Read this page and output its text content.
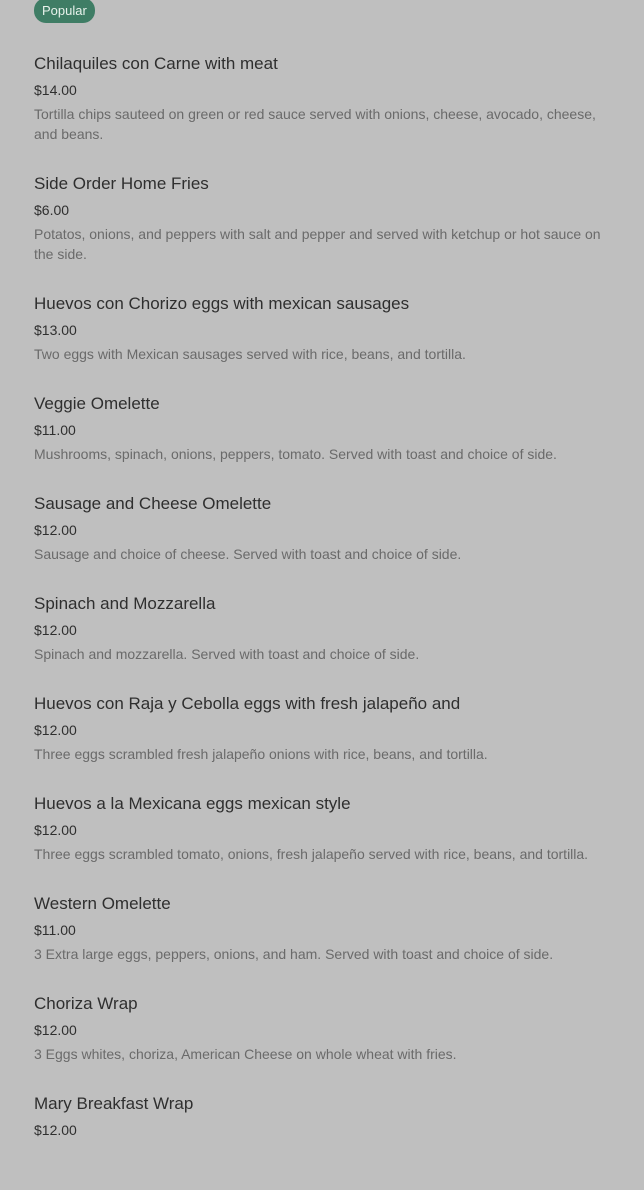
Popular
Chilaquiles con Carne with meat
$14.00
Tortilla chips sauteed on green or red sauce served with onions, cheese, avocado, cheese, and beans.
Side Order Home Fries
$6.00
Potatos, onions, and peppers with salt and pepper and served with ketchup or hot sauce on the side.
Huevos con Chorizo eggs with mexican sausages
$13.00
Two eggs with Mexican sausages served with rice, beans, and tortilla.
Veggie Omelette
$11.00
Mushrooms, spinach, onions, peppers, tomato. Served with toast and choice of side.
Sausage and Cheese Omelette
$12.00
Sausage and choice of cheese. Served with toast and choice of side.
Spinach and Mozzarella
$12.00
Spinach and mozzarella. Served with toast and choice of side.
Huevos con Raja y Cebolla eggs with fresh jalapeño and
$12.00
Three eggs scrambled fresh jalapeño onions with rice, beans, and tortilla.
Huevos a la Mexicana eggs mexican style
$12.00
Three eggs scrambled tomato, onions, fresh jalapeño served with rice, beans, and tortilla.
Western Omelette
$11.00
3 Extra large eggs, peppers, onions, and ham. Served with toast and choice of side.
Choriza Wrap
$12.00
3 Eggs whites, choriza, American Cheese on whole wheat with fries.
Mary Breakfast Wrap
$12.00
